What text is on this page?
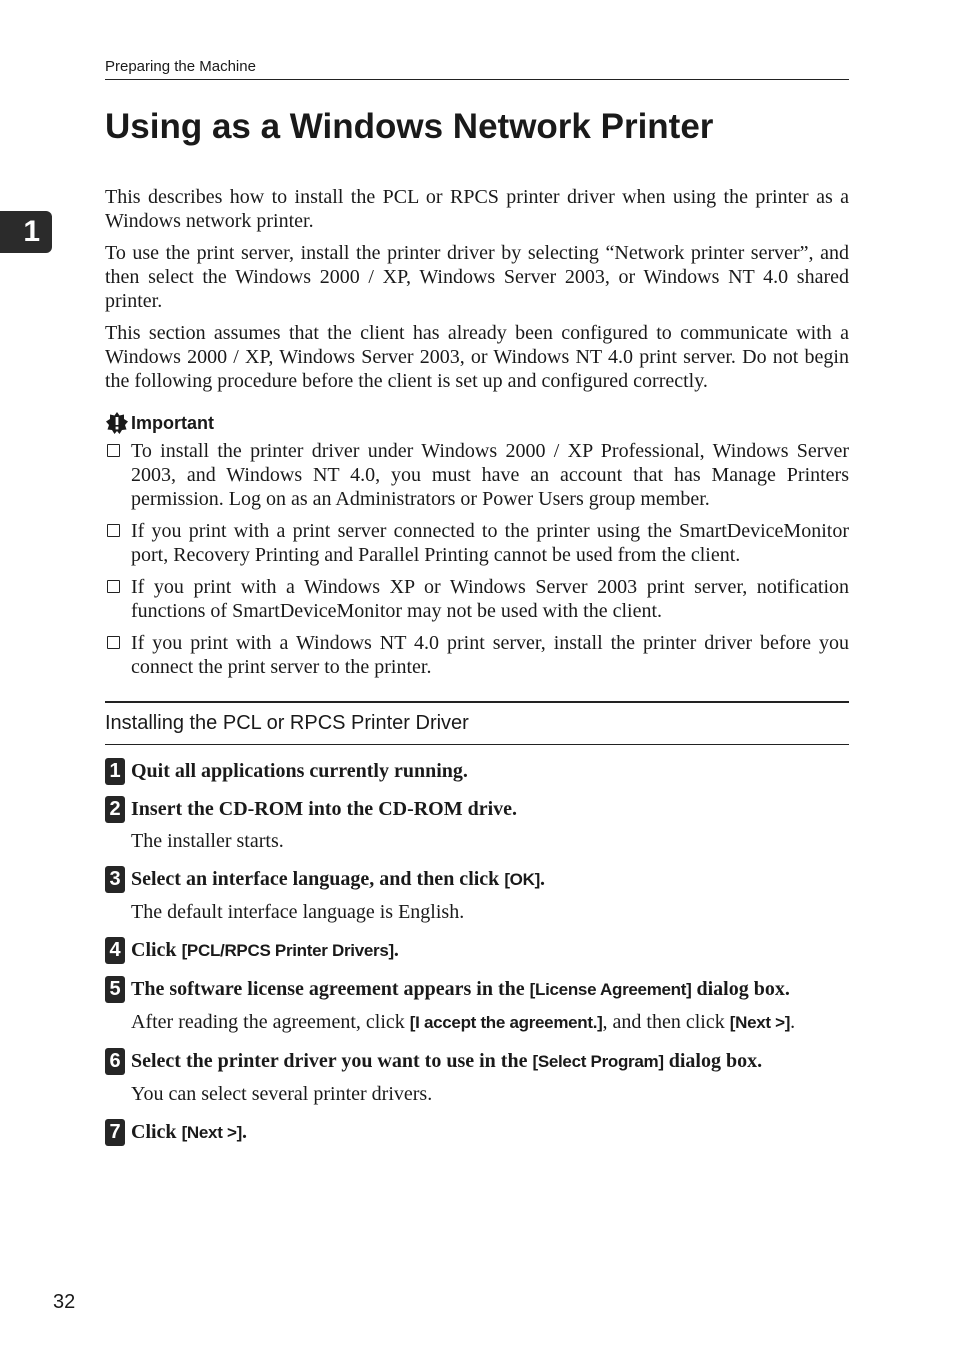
Preparing the Machine
1
Using as a Windows Network Printer

This describes how to install the PCL or RPCS printer driver when using the printer as a Windows network printer.

To use the print server, install the printer driver by selecting “Network printer server”, and then select the Windows 2000 / XP, Windows Server 2003, or Windows NT 4.0 shared printer.

This section assumes that the client has already been configured to communicate with a Windows 2000 / XP, Windows Server 2003, or Windows NT 4.0 print server. Do not begin the following procedure before the client is set up and configured correctly.

Important
To install the printer driver under Windows 2000 / XP Professional, Windows Server 2003, and Windows NT 4.0, you must have an account that has Manage Printers permission. Log on as an Administrators or Power Users group member.
If you print with a print server connected to the printer using the SmartDeviceMonitor port, Recovery Printing and Parallel Printing cannot be used from the client.
If you print with a Windows XP or Windows Server 2003 print server, notification functions of SmartDeviceMonitor may not be used with the client.
If you print with a Windows NT 4.0 print server, install the printer driver before you connect the print server to the printer.
Installing the PCL or RPCS Printer Driver
1 Quit all applications currently running.
2 Insert the CD-ROM into the CD-ROM drive.
The installer starts.
3 Select an interface language, and then click [OK].
The default interface language is English.
4 Click [PCL/RPCS Printer Drivers].
5 The software license agreement appears in the [License Agreement] dialog box.
After reading the agreement, click [I accept the agreement.], and then click [Next >].
6 Select the printer driver you want to use in the [Select Program] dialog box.
You can select several printer drivers.
7 Click [Next >].
32
